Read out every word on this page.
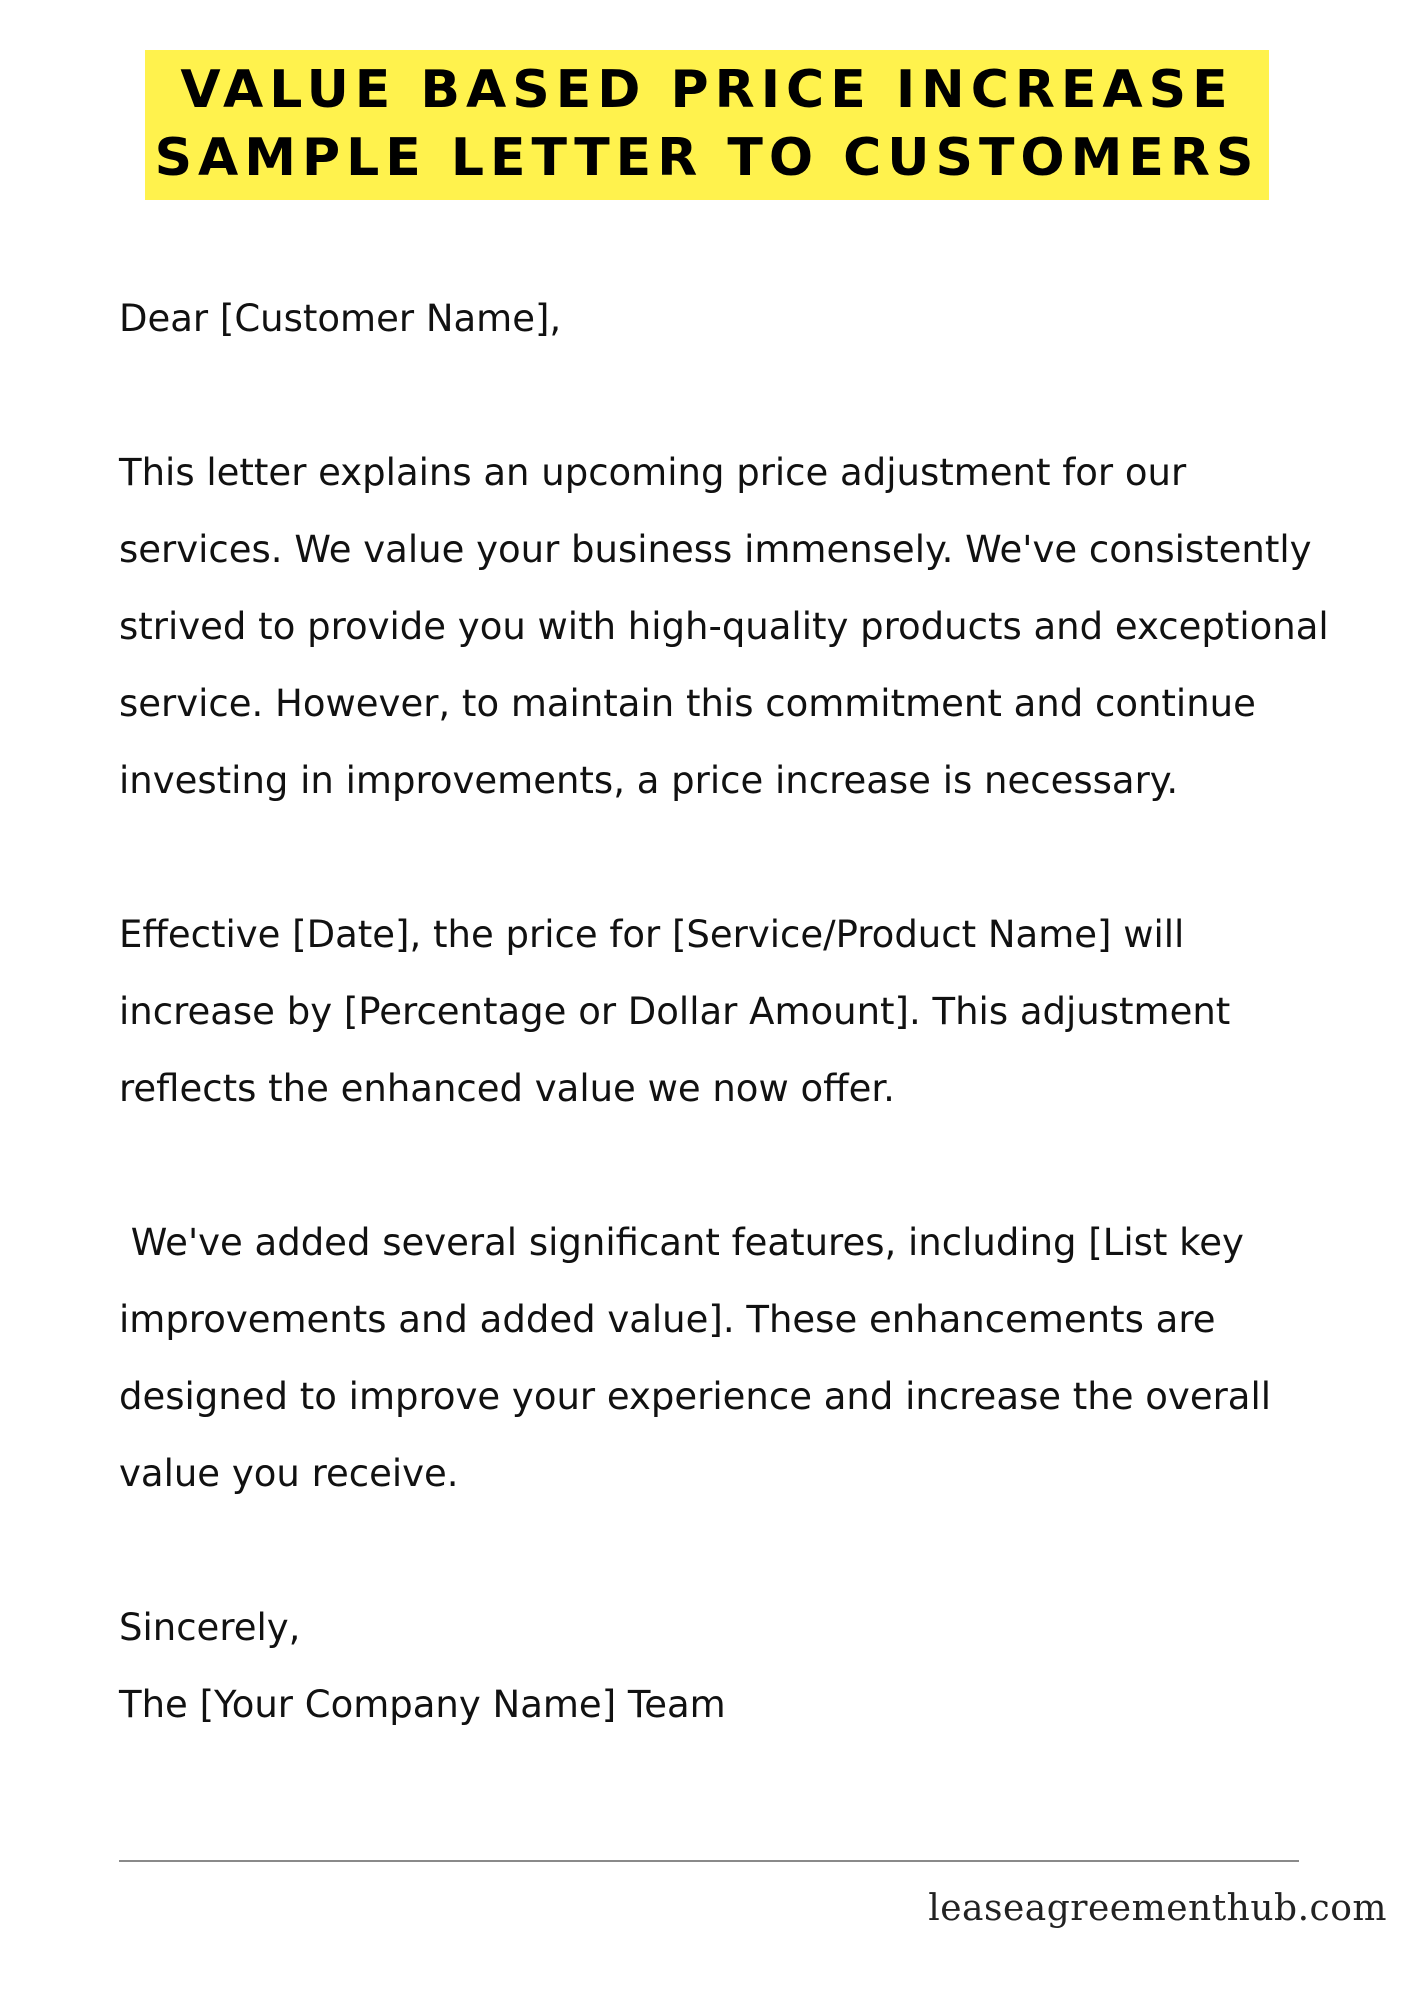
VALUE BASED PRICE INCREASE
SAMPLE LETTER TO CUSTOMERS

Dear [Customer Name],

This letter explains an upcoming price adjustment for our services. We value your business immensely. We've consistently strived to provide you with high-quality products and exceptional service. However, to maintain this commitment and continue investing in improvements, a price increase is necessary.

Effective [Date], the price for [Service/Product Name] will increase by [Percentage or Dollar Amount]. This adjustment reflects the enhanced value we now offer.

We've added several significant features, including [List key improvements and added value]. These enhancements are designed to improve your experience and increase the overall value you receive.

Sincerely,
The [Your Company Name] Team

leaseagreementhub.com
